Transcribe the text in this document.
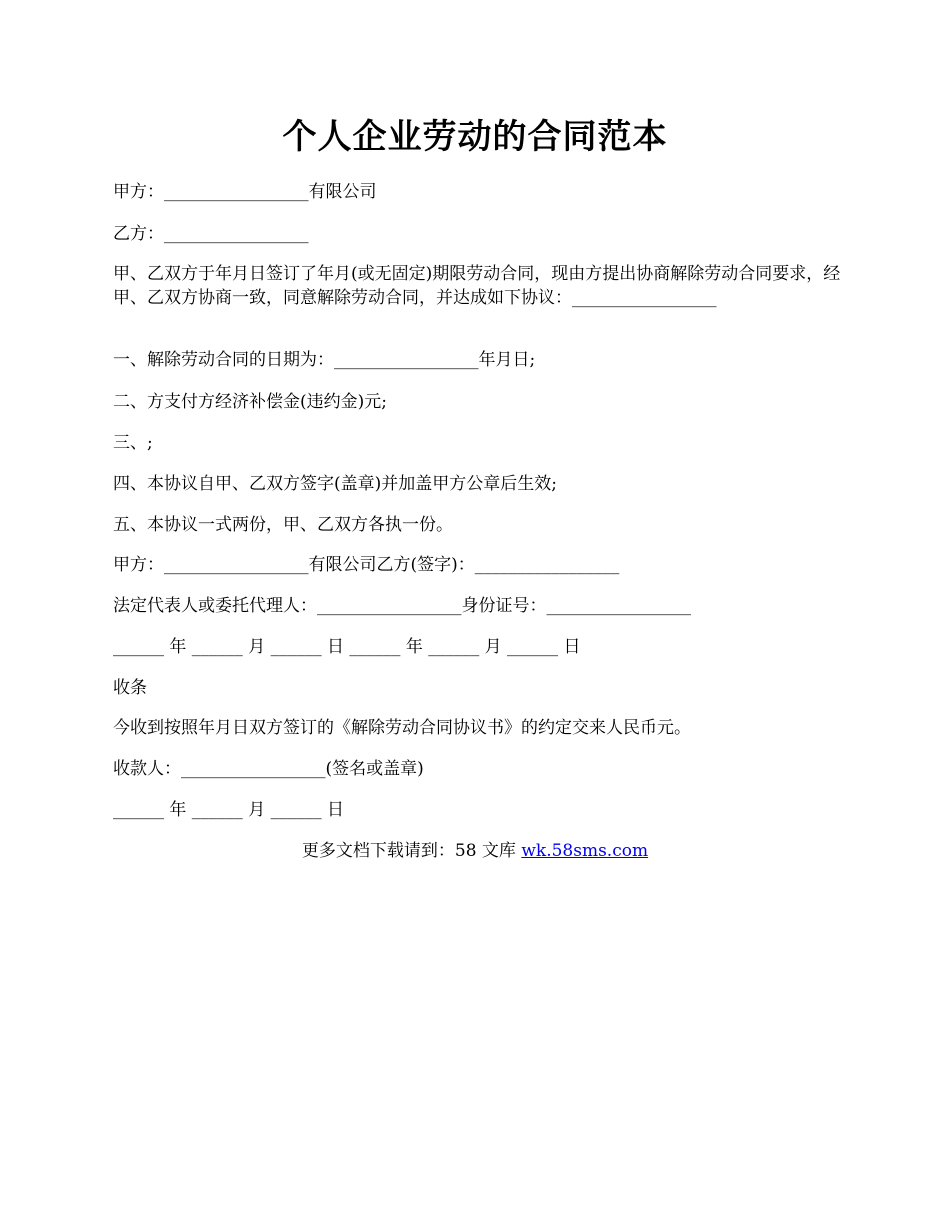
个人企业劳动的合同范本
甲方：_________________有限公司
乙方：_________________
甲、乙双方于年月日签订了年月(或无固定)期限劳动合同，现由方提出协商解除劳动合同要求，经甲、乙双方协商一致，同意解除劳动合同，并达成如下协议：_________________
一、解除劳动合同的日期为：_________________年月日;
二、方支付方经济补偿金(违约金)元;
三、;
四、本协议自甲、乙双方签字(盖章)并加盖甲方公章后生效;
五、本协议一式两份，甲、乙双方各执一份。
甲方：_________________有限公司乙方(签字)：_________________
法定代表人或委托代理人：_________________身份证号：_________________
______ 年 ______ 月 ______ 日 ______ 年 ______ 月 ______ 日
收条
今收到按照年月日双方签订的《解除劳动合同协议书》的约定交来人民币元。
收款人：_________________(签名或盖章)
______ 年 ______ 月 ______ 日
更多文档下载请到：58 文库 wk.58sms.com
